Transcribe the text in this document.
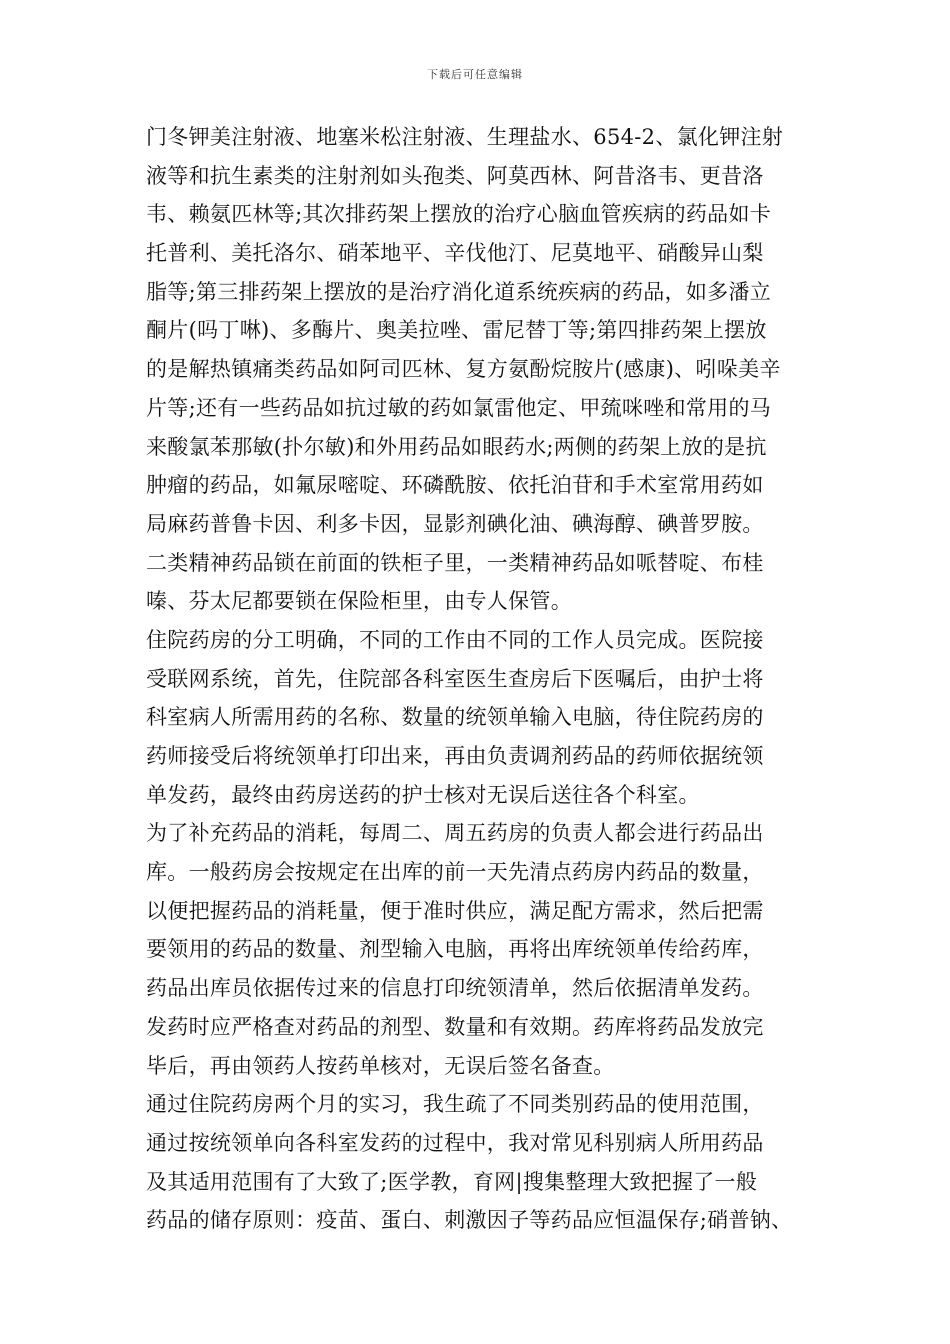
下载后可任意编辑
门冬钾美注射液、地塞米松注射液、生理盐水、654-2、氯化钾注射
液等和抗生素类的注射剂如头孢类、阿莫西林、阿昔洛韦、更昔洛
韦、赖氨匹林等;其次排药架上摆放的治疗心脑血管疾病的药品如卡
托普利、美托洛尔、硝苯地平、辛伐他汀、尼莫地平、硝酸异山梨
脂等;第三排药架上摆放的是治疗消化道系统疾病的药品，如多潘立
酮片(吗丁啉)、多酶片、奥美拉唑、雷尼替丁等;第四排药架上摆放
的是解热镇痛类药品如阿司匹林、复方氨酚烷胺片(感康)、吲哚美辛
片等;还有一些药品如抗过敏的药如氯雷他定、甲巯咪唑和常用的马
来酸氯苯那敏(扑尔敏)和外用药品如眼药水;两侧的药架上放的是抗
肿瘤的药品，如氟尿嘧啶、环磷酰胺、依托泊苷和手术室常用药如
局麻药普鲁卡因、利多卡因，显影剂碘化油、碘海醇、碘普罗胺。
二类精神药品锁在前面的铁柜子里，一类精神药品如哌替啶、布桂
嗪、芬太尼都要锁在保险柜里，由专人保管。
住院药房的分工明确，不同的工作由不同的工作人员完成。医院接
受联网系统，首先，住院部各科室医生查房后下医嘱后，由护士将
科室病人所需用药的名称、数量的统领单输入电脑，待住院药房的
药师接受后将统领单打印出来，再由负责调剂药品的药师依据统领
单发药，最终由药房送药的护士核对无误后送往各个科室。
为了补充药品的消耗，每周二、周五药房的负责人都会进行药品出
库。一般药房会按规定在出库的前一天先清点药房内药品的数量，
以便把握药品的消耗量，便于准时供应，满足配方需求，然后把需
要领用的药品的数量、剂型输入电脑，再将出库统领单传给药库，
药品出库员依据传过来的信息打印统领清单，然后依据清单发药。
发药时应严格查对药品的剂型、数量和有效期。药库将药品发放完
毕后，再由领药人按药单核对，无误后签名备查。
通过住院药房两个月的实习，我生疏了不同类别药品的使用范围，
通过按统领单向各科室发药的过程中，我对常见科别病人所用药品
及其适用范围有了大致了;医学教，育网|搜集整理大致把握了一般
药品的储存原则：疫苗、蛋白、刺激因子等药品应恒温保存;硝普钠、
